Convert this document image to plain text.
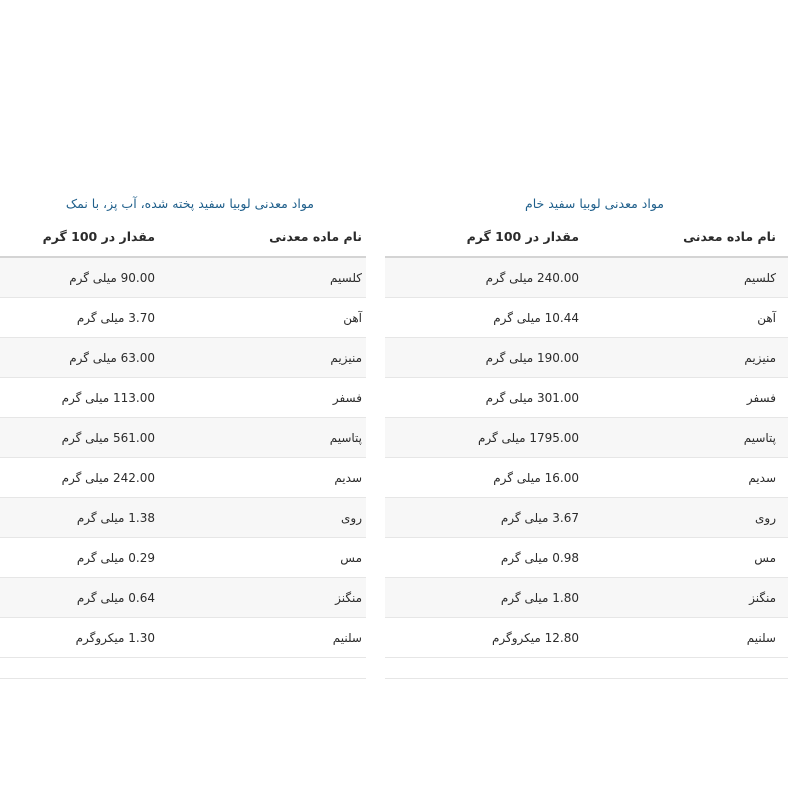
مواد معدنی لوبیا سفید خام
نام ماده معدنی
مقدار در 100 گرم
کلسیم
240.00 میلی گرم
آهن
10.44 میلی گرم
منیزیم
190.00 میلی گرم
فسفر
301.00 میلی گرم
پتاسیم
1795.00 میلی گرم
سدیم
16.00 میلی گرم
روی
3.67 میلی گرم
مس
0.98 میلی گرم
منگنز
1.80 میلی گرم
سلنیم
12.80 میکروگرم
مواد معدنی لوبیا سفید پخته شده، آب پز، با نمک
نام ماده معدنی
مقدار در 100 گرم
کلسیم
90.00 میلی گرم
آهن
3.70 میلی گرم
منیزیم
63.00 میلی گرم
فسفر
113.00 میلی گرم
پتاسیم
561.00 میلی گرم
سدیم
242.00 میلی گرم
روی
1.38 میلی گرم
مس
0.29 میلی گرم
منگنز
0.64 میلی گرم
سلنیم
1.30 میکروگرم
